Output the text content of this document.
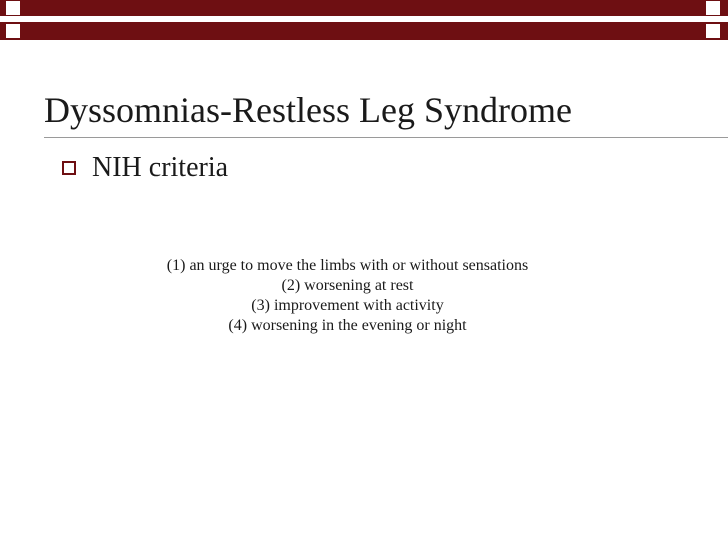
Dyssomnias-Restless Leg Syndrome
NIH criteria
(1) an urge to move the limbs with or without sensations
(2) worsening at rest
(3) improvement with activity
(4) worsening in the evening or night
